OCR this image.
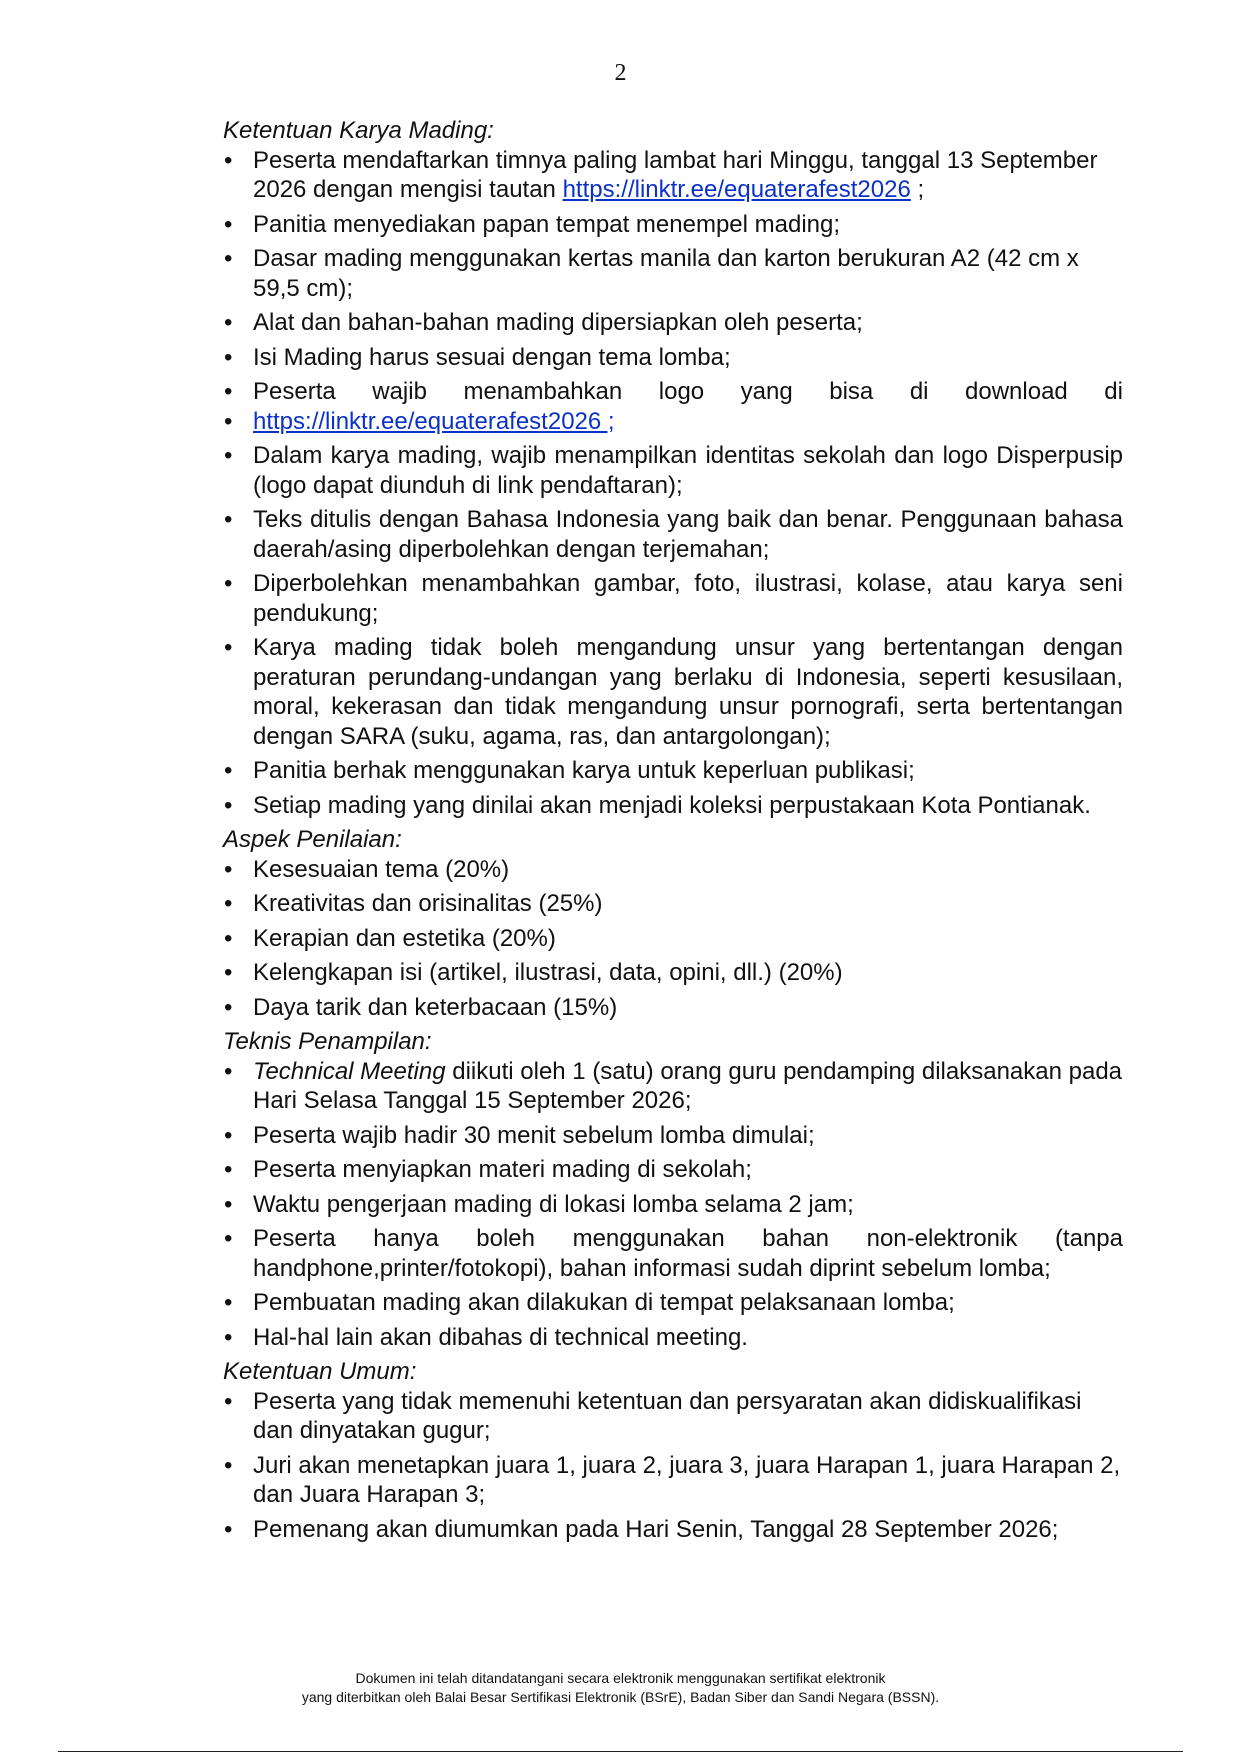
2

Ketentuan Karya Mading:

• Peserta mendaftarkan timnya paling lambat hari Minggu, tanggal 13 September 2026 dengan mengisi tautan https://linktr.ee/equaterafest2026 ;
• Panitia menyediakan papan tempat menempel mading;
• Dasar mading menggunakan kertas manila dan karton berukuran A2 (42 cm x 59,5 cm);
• Alat dan bahan-bahan mading dipersiapkan oleh peserta;
• Isi Mading harus sesuai dengan tema lomba;
• Peserta wajib menambahkan logo yang bisa di download di
• https://linktr.ee/equaterafest2026 ;
• Dalam karya mading, wajib menampilkan identitas sekolah dan logo Disperpusip (logo dapat diunduh di link pendaftaran);
• Teks ditulis dengan Bahasa Indonesia yang baik dan benar. Penggunaan bahasa daerah/asing diperbolehkan dengan terjemahan;
• Diperbolehkan menambahkan gambar, foto, ilustrasi, kolase, atau karya seni pendukung;
• Karya mading tidak boleh mengandung unsur yang bertentangan dengan peraturan perundang-undangan yang berlaku di Indonesia, seperti kesusilaan, moral, kekerasan dan tidak mengandung unsur pornografi, serta bertentangan dengan SARA (suku, agama, ras, dan antargolongan);
• Panitia berhak menggunakan karya untuk keperluan publikasi;
• Setiap mading yang dinilai akan menjadi koleksi perpustakaan Kota Pontianak.

Aspek Penilaian:

• Kesesuaian tema (20%)
• Kreativitas dan orisinalitas (25%)
• Kerapian dan estetika (20%)
• Kelengkapan isi (artikel, ilustrasi, data, opini, dll.) (20%)
• Daya tarik dan keterbacaan (15%)

Teknis Penampilan:

• Technical Meeting diikuti oleh 1 (satu) orang guru pendamping dilaksanakan pada Hari Selasa Tanggal 15 September 2026;
• Peserta wajib hadir 30 menit sebelum lomba dimulai;
• Peserta menyiapkan materi mading di sekolah;
• Waktu pengerjaan mading di lokasi lomba selama 2 jam;
• Peserta hanya boleh menggunakan bahan non-elektronik (tanpa handphone,printer/fotokopi), bahan informasi sudah diprint sebelum lomba;
• Pembuatan mading akan dilakukan di tempat pelaksanaan lomba;
• Hal-hal lain akan dibahas di technical meeting.

Ketentuan Umum:

• Peserta yang tidak memenuhi ketentuan dan persyaratan akan didiskualifikasi dan dinyatakan gugur;
• Juri akan menetapkan juara 1, juara 2, juara 3, juara Harapan 1, juara Harapan 2, dan Juara Harapan 3;
• Pemenang akan diumumkan pada Hari Senin, Tanggal 28 September 2026;
Dokumen ini telah ditandatangani secara elektronik menggunakan sertifikat elektronik
yang diterbitkan oleh Balai Besar Sertifikasi Elektronik (BSrE), Badan Siber dan Sandi Negara (BSSN).
